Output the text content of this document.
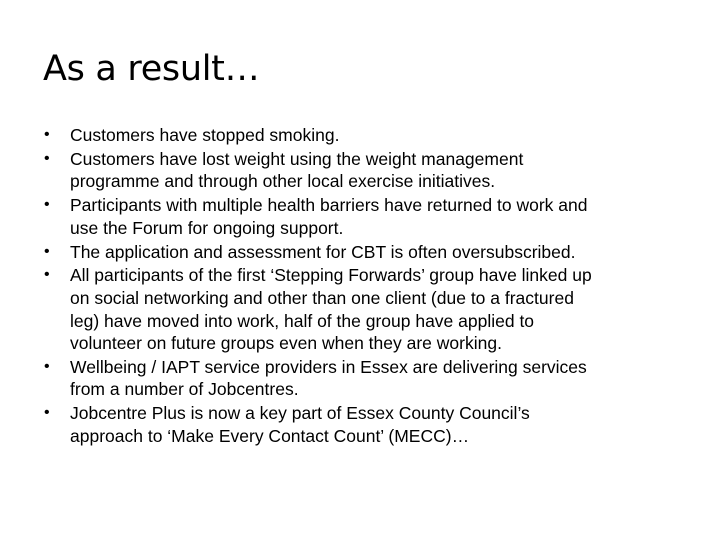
As a result…
•	Customers have stopped smoking.
•	Customers have lost weight using the weight management
programme and through other local exercise initiatives.
•	Participants with multiple health barriers have returned to work and
use the Forum for ongoing support.
•	The application and assessment for CBT is often oversubscribed.
•	All participants of the first ‘Stepping Forwards’ group have linked up
on social networking and other than one client (due to a fractured
leg) have moved into work, half of the group have applied to
volunteer on future groups even when they are working.
•	Wellbeing / IAPT service providers in Essex are delivering services
from a number of Jobcentres.
•	Jobcentre Plus is now a key part of Essex County Council’s
approach to ‘Make Every Contact Count’ (MECC)…
